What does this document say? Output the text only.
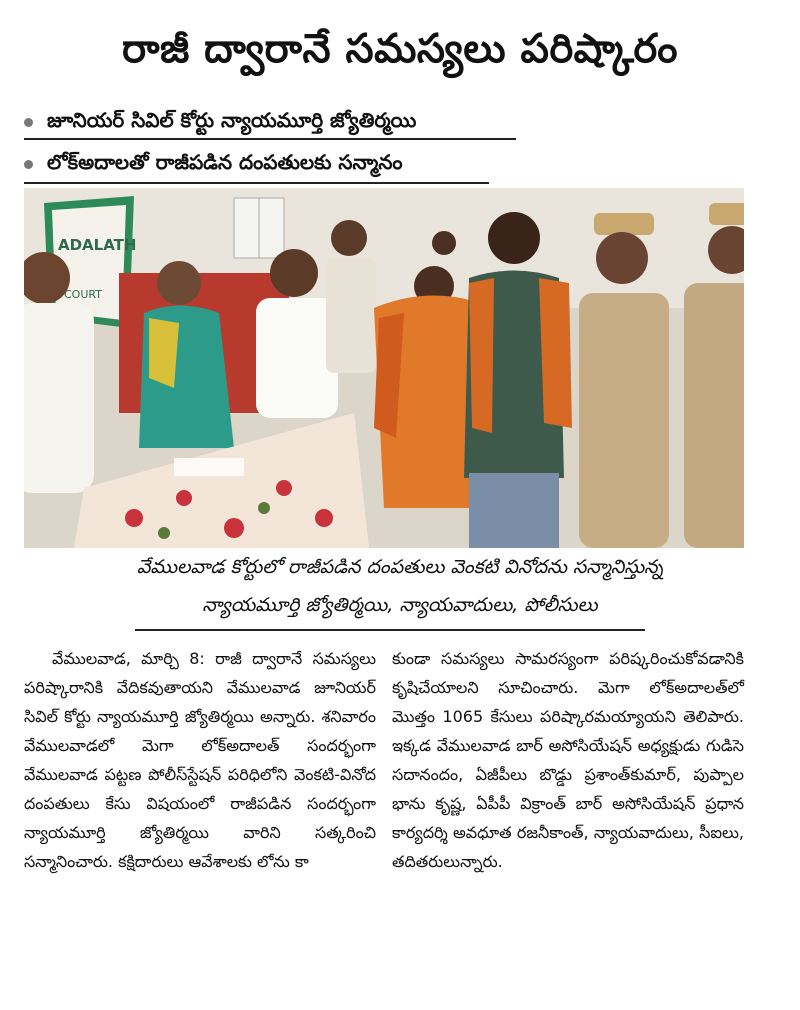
రాజీ ద్వారానే సమస్యలు పరిష్కారం
జూనియర్ సివిల్ కోర్టు న్యాయమూర్తి జ్యోతిర్మయి
లోక్‌అదాలతో రాజీపడిన దంపతులకు సన్మానం
ADALATH
COURT
వేములవాడ కోర్టులో రాజీపడిన దంపతులు వెంకటి వినోదను సన్మానిస్తున్న
న్యాయమూర్తి జ్యోతిర్మయి, న్యాయవాదులు, పోలీసులు
వేములవాడ, మార్చి 8: రాజీ ద్వారానే సమస్యలు పరిష్కారానికి వేదికవుతాయని వేములవాడ జూనియర్ సివిల్ కోర్టు న్యాయమూర్తి జ్యోతిర్మయి అన్నారు. శనివారం వేములవాడలో మెగా లోక్‌అదాలత్ సందర్భంగా వేములవాడ పట్టణ పోలీస్‌స్టేషన్ పరిధిలోని వెంకటి-వినోద దంపతులు కేసు విషయంలో రాజీపడిన సందర్భంగా న్యాయమూర్తి జ్యోతిర్మయి వారిని సత్కరించి సన్మానించారు. కక్షిదారులు ఆవేశాలకు లోను కా
కుండా సమస్యలు సామరస్యంగా పరిష్కరించుకోవడానికి కృషిచేయాలని సూచించారు. మెగా లోక్‌అదాలత్‌లో మొత్తం 1065 కేసులు పరిష్కారమయ్యాయని తెలిపారు. ఇక్కడ వేములవాడ బార్ అసోసియేషన్ అధ్యక్షుడు గుడిసె సదానందం, ఏజీపీలు బొడ్డు ప్రశాంత్‌కుమార్, పుప్పాల భాను కృష్ణ, ఏపీపీ విక్రాంత్ బార్ అసోసియేషన్ ప్రధాన కార్యదర్శి అవధూత రజనీకాంత్, న్యాయవాదులు, సీఐలు, తదితరులున్నారు.
